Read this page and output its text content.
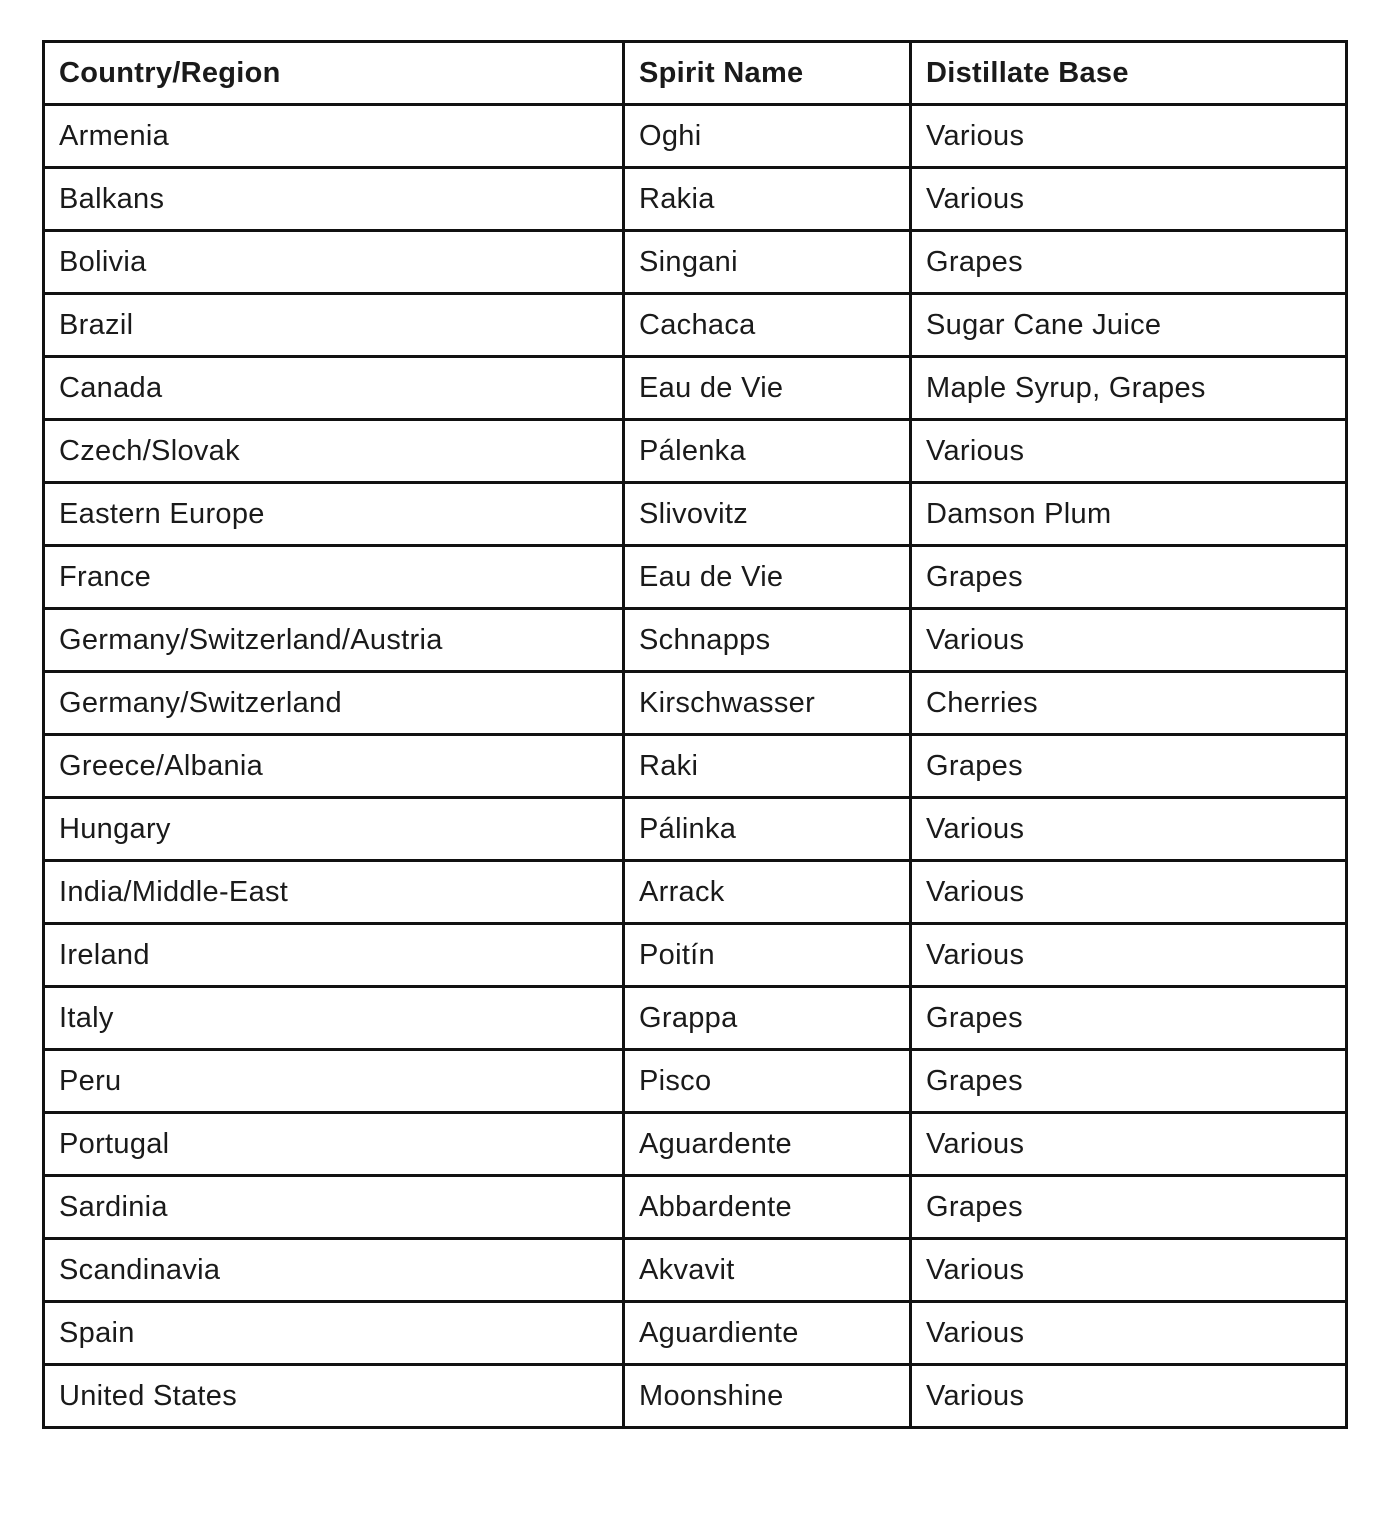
Country/Region	Spirit Name	Distillate Base
Armenia	Oghi	Various
Balkans	Rakia	Various
Bolivia	Singani	Grapes
Brazil	Cachaca	Sugar Cane Juice
Canada	Eau de Vie	Maple Syrup, Grapes
Czech/Slovak	Pálenka	Various
Eastern Europe	Slivovitz	Damson Plum
France	Eau de Vie	Grapes
Germany/Switzerland/Austria	Schnapps	Various
Germany/Switzerland	Kirschwasser	Cherries
Greece/Albania	Raki	Grapes
Hungary	Pálinka	Various
India/Middle-East	Arrack	Various
Ireland	Poitín	Various
Italy	Grappa	Grapes
Peru	Pisco	Grapes
Portugal	Aguardente	Various
Sardinia	Abbardente	Grapes
Scandinavia	Akvavit	Various
Spain	Aguardiente	Various
United States	Moonshine	Various
